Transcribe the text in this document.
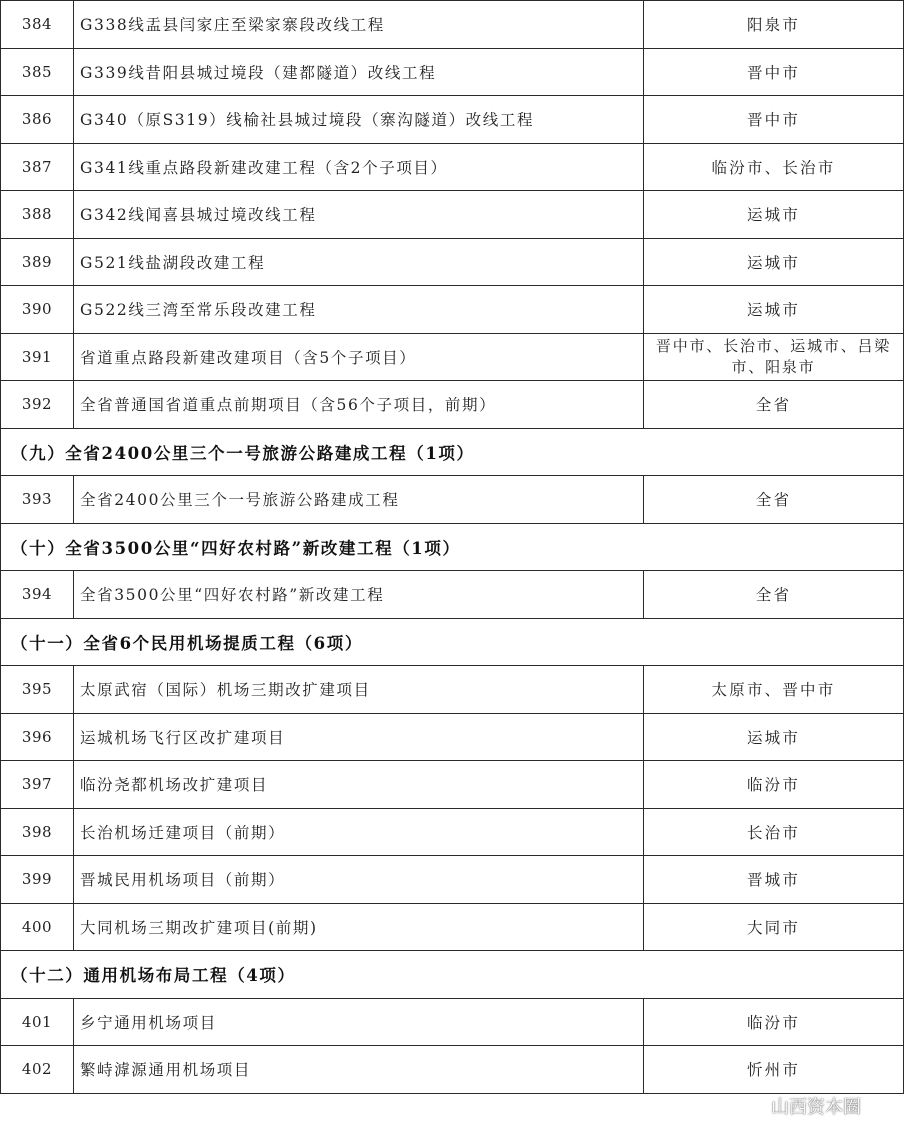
384	G338线盂县闫家庄至梁家寨段改线工程	阳泉市
385	G339线昔阳县城过境段（建都隧道）改线工程	晋中市
386	G340（原S319）线榆社县城过境段（寨沟隧道）改线工程	晋中市
387	G341线重点路段新建改建工程（含2个子项目）	临汾市、长治市
388	G342线闻喜县城过境改线工程	运城市
389	G521线盐湖段改建工程	运城市
390	G522线三湾至常乐段改建工程	运城市
391	省道重点路段新建改建项目（含5个子项目）	晋中市、长治市、运城市、吕梁市、阳泉市
392	全省普通国省道重点前期项目（含56个子项目，前期）	全省
（九）全省2400公里三个一号旅游公路建成工程（1项）		
393	全省2400公里三个一号旅游公路建成工程	全省
（十）全省3500公里“四好农村路”新改建工程（1项）		
394	全省3500公里“四好农村路”新改建工程	全省
（十一）全省6个民用机场提质工程（6项）		
395	太原武宿（国际）机场三期改扩建项目	太原市、晋中市
396	运城机场飞行区改扩建项目	运城市
397	临汾尧都机场改扩建项目	临汾市
398	长治机场迁建项目（前期）	长治市
399	晋城民用机场项目（前期）	晋城市
400	大同机场三期改扩建项目(前期)	大同市
（十二）通用机场布局工程（4项）		
401	乡宁通用机场项目	临汾市
402	繁峙滹源通用机场项目	忻州市
山西资本圈
